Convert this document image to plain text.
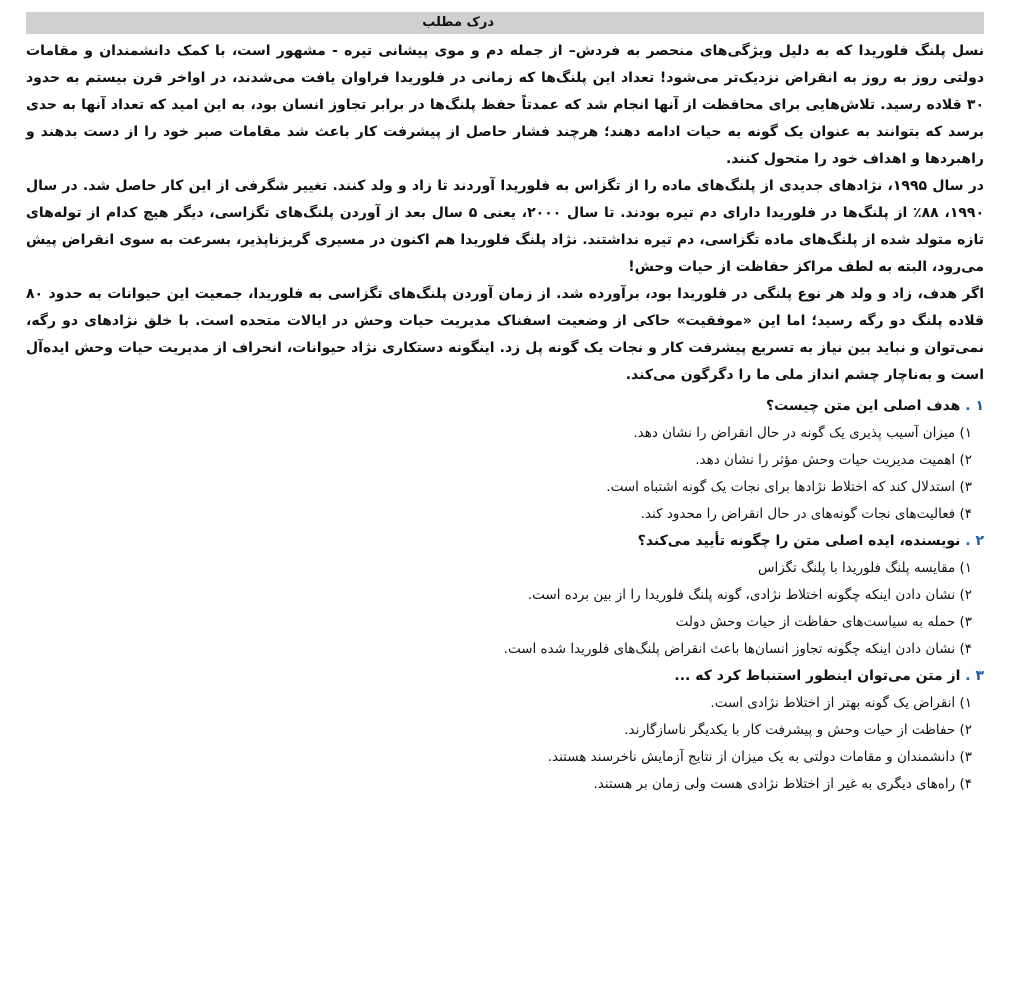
درک مطلب

نسل پلنگ فلوریدا که به دلیل ویژگی‌های منحصر به فردش– از جمله دم و موی پیشانی تیره - مشهور است، با کمک دانشمندان و مقامات دولتی روز به روز به انقراض نزدیک‌تر می‌شود! تعداد این پلنگ‌ها که زمانی در فلوریدا فراوان یافت می‌شدند، در اواخر قرن بیستم به حدود ۳۰ قلاده رسید. تلاش‌هایی برای محافظت از آنها انجام شد که عمدتاً حفظ پلنگ‌ها در برابر تجاوز انسان بود، به این امید که تعداد آنها به حدی برسد که بتوانند به عنوان یک گونه به حیات ادامه دهند؛ هرچند فشار حاصل از پیشرفت کار باعث شد مقامات صبر خود را از دست بدهند و راهبردها و اهداف خود را متحول کنند.

در سال ۱۹۹۵، نژادهای جدیدی از پلنگ‌های ماده را از تگزاس به فلوریدا آوردند تا زاد و ولد کنند. تغییر شگرفی از این کار حاصل شد. در سال ۱۹۹۰، ۸۸٪ از پلنگ‌ها در فلوریدا دارای دم تیره بودند. تا سال ۲۰۰۰، یعنی ۵ سال بعد از آوردن پلنگ‌های تگزاسی، دیگر هیچ کدام از توله‌های تازه متولد شده از پلنگ‌های ماده تگزاسی، دم تیره نداشتند. نژاد پلنگ فلوریدا هم اکنون در مسیری گریزناپذیر، بسرعت به سوی انقراض پیش می‌رود، البته به لطف مراکز حفاظت از حیات وحش!

اگر هدف، زاد و ولد هر نوع پلنگی در فلوریدا بود، برآورده شد. از زمان آوردن پلنگ‌های تگزاسی به فلوریدا، جمعیت این حیوانات به حدود ۸۰ قلاده پلنگ دو رگه رسید؛ اما این «موفقیت» حاکی از وضعیت اسفناک مدیریت حیات وحش در ایالات متحده است. با خلق نژادهای دو رگه، نمی‌توان و نباید بین نیاز به تسریع پیشرفت کار و نجات یک گونه پل زد. اینگونه دستکاری نژاد حیوانات، انحراف از مدیریت حیات وحش ایده‌آل است و به‌ناچار چشم انداز ملی ما را دگرگون می‌کند.

۱ . هدف اصلی این متن چیست؟
۱) میزان آسیب پذیری یک گونه در حال انقراض را نشان دهد.
۲) اهمیت مدیریت حیات وحش مؤثر را نشان دهد.
۳) استدلال کند که اختلاط نژادها برای نجات یک گونه اشتباه است.
۴) فعالیت‌های نجات گونه‌های در حال انقراض را محدود کند.
۲ . نویسنده، ایده اصلی متن را چگونه تأیید می‌کند؟
۱) مقایسه پلنگ فلوریدا با پلنگ تگزاس
۲) نشان دادن اینکه چگونه اختلاط نژادی، گونه پلنگ فلوریدا را از بین برده است.
۳) حمله به سیاست‌های حفاظت از حیات وحش دولت
۴) نشان دادن اینکه چگونه تجاوز انسان‌ها باعث انقراض پلنگ‌های فلوریدا شده است.
۳ . از متن می‌توان اینطور استنباط کرد که ...
۱) انقراض یک گونه بهتر از اختلاط نژادی است.
۲) حفاظت از حیات وحش و پیشرفت کار با یکدیگر ناسازگارند.
۳) دانشمندان و مقامات دولتی به یک میزان از نتایج آزمایش ناخرسند هستند.
۴) راه‌های دیگری به غیر از اختلاط نژادی هست ولی زمان بر هستند.
